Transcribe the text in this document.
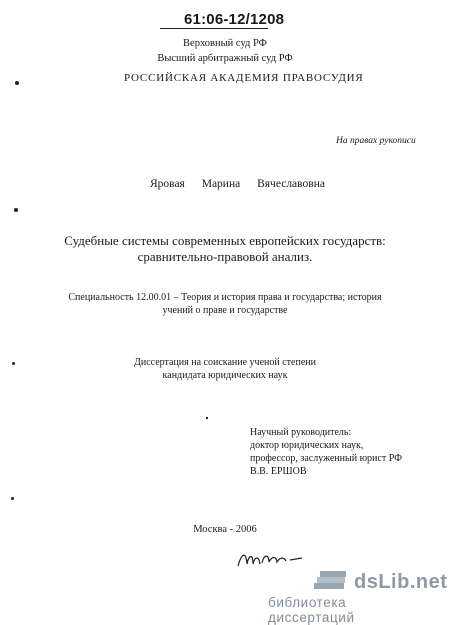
61:06-12/1208
Верховный суд РФ
Высший арбитражный суд РФ
РОССИЙСКАЯ АКАДЕМИЯ ПРАВОСУДИЯ
На правах рукописи
Яровая Марина Вячеславовна
Судебные системы современных европейских государств:
сравнительно-правовой анализ.
Специальность 12.00.01 – Теория и история права и государства; история
учений о праве и государстве
Диссертация на соискание ученой степени
кандидата юридических наук
Научный руководитель:
доктор юридических наук,
профессор, заслуженный юрист РФ
В.В. ЕРШОВ
Москва - 2006
dsLib.net
библиотека диссертаций
